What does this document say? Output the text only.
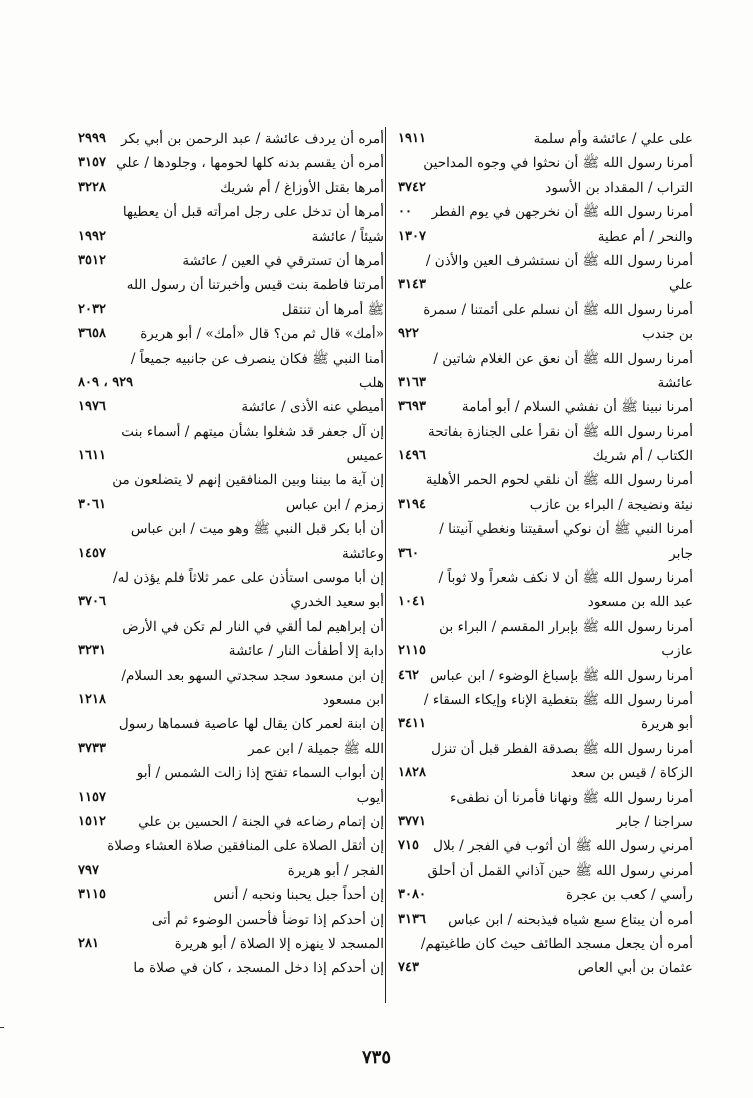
على علي / عائشة وأم سلمة
١٩١١
أمرنا رسول الله ﷺ أن نحثوا في وجوه المداحين
التراب / المقداد بن الأسود
٣٧٤٢
أمرنا رسول الله ﷺ أن نخرجهن في يوم الفطر
٠٠
والنحر / أم عطية
١٣٠٧
أمرنا رسول الله ﷺ أن نستشرف العين والأذن /
علي
٣١٤٣
أمرنا رسول الله ﷺ أن نسلم على أئمتنا / سمرة
بن جندب
٩٢٢
أمرنا رسول الله ﷺ أن نعق عن الغلام شاتين /
عائشة
٣١٦٣
أمرنا نبينا ﷺ أن نفشي السلام / أبو أمامة
٣٦٩٣
أمرنا رسول الله ﷺ أن نقرأ على الجنازة بفاتحة
الكتاب / أم شريك
١٤٩٦
أمرنا رسول الله ﷺ أن نلقي لحوم الحمر الأهلية
نيئة ونضيجة / البراء بن عازب
٣١٩٤
أمرنا النبي ﷺ أن نوكي أسقيتنا ونغطي آنيتنا /
جابر
٣٦٠
أمرنا رسول الله ﷺ أن لا نكف شعراً ولا ثوباً /
عبد الله بن مسعود
١٠٤١
أمرنا رسول الله ﷺ بإبرار المقسم / البراء بن
عازب
٢١١٥
أمرنا رسول الله ﷺ بإسباغ الوضوء / ابن عباس
٤٦٢
أمرنا رسول الله ﷺ بتغطية الإناء وإيكاء السقاء /
أبو هريرة
٣٤١١
أمرنا رسول الله ﷺ بصدقة الفطر قبل أن تنزل
الزكاة / قيس بن سعد
١٨٢٨
أمرنا رسول الله ﷺ ونهانا فأمرنا أن نطفىء
سراجنا / جابر
٣٧٧١
أمرني رسول الله ﷺ أن أثوب في الفجر / بلال
٧١٥
أمرني رسول الله ﷺ حين آذاني القمل أن أحلق
رأسي / كعب بن عجرة
٣٠٨٠
أمره أن يبتاع سبع شياه فيذبحنه / ابن عباس
٣١٣٦
أمره أن يجعل مسجد الطائف حيث كان طاغيتهم/
عثمان بن أبي العاص
٧٤٣
أمره أن يردف عائشة / عبد الرحمن بن أبي بكر
٢٩٩٩
أمره أن يقسم بدنه كلها لحومها ، وجلودها / علي
٣١٥٧
أمرها بقتل الأوزاغ / أم شريك
٣٢٢٨
أمرها أن تدخل على رجل امرأته قبل أن يعطيها
شيئاً / عائشة
١٩٩٢
أمرها أن تسترقي في العين / عائشة
٣٥١٢
أمرتنا فاطمة بنت قيس وأخبرتنا أن رسول الله
ﷺ أمرها أن تنتقل
٢٠٣٢
«أمك» قال ثم من؟ قال «أمك» / أبو هريرة
٣٦٥٨
أمنا النبي ﷺ فكان ينصرف عن جانبيه جميعاً /
هلب
٩٢٩ ، ٨٠٩
أميطي عنه الأذى / عائشة
١٩٧٦
إن آل جعفر قد شغلوا بشأن ميتهم / أسماء بنت
عميس
١٦١١
إن آية ما بيننا وبين المنافقين إنهم لا يتضلعون من
زمزم / ابن عباس
٣٠٦١
أن أبا بكر قبل النبي ﷺ وهو ميت / ابن عباس
وعائشة
١٤٥٧
إن أبا موسى استأذن على عمر ثلاثاً فلم يؤذن له/
أبو سعيد الخدري
٣٧٠٦
أن إبراهيم لما ألقي في النار لم تكن في الأرض
دابة إلا أطفأت النار / عائشة
٣٢٣١
إن ابن مسعود سجد سجدتي السهو بعد السلام/
ابن مسعود
١٢١٨
إن ابنة لعمر كان يقال لها عاصية فسماها رسول
الله ﷺ جميلة / ابن عمر
٣٧٣٣
إن أبواب السماء تفتح إذا زالت الشمس / أبو
أيوب
١١٥٧
إن إتمام رضاعه في الجنة / الحسين بن علي
١٥١٢
إن أثقل الصلاة على المنافقين صلاة العشاء وصلاة
الفجر / أبو هريرة
٧٩٧
إن أحداً جبل يحبنا ونحبه / أنس
٣١١٥
إن أحدكم إذا توضأ فأحسن الوضوء ثم أتى
المسجد لا ينهزه إلا الصلاة / أبو هريرة
٢٨١
إن أحدكم إذا دخل المسجد ، كان في صلاة ما
٧٣٥
